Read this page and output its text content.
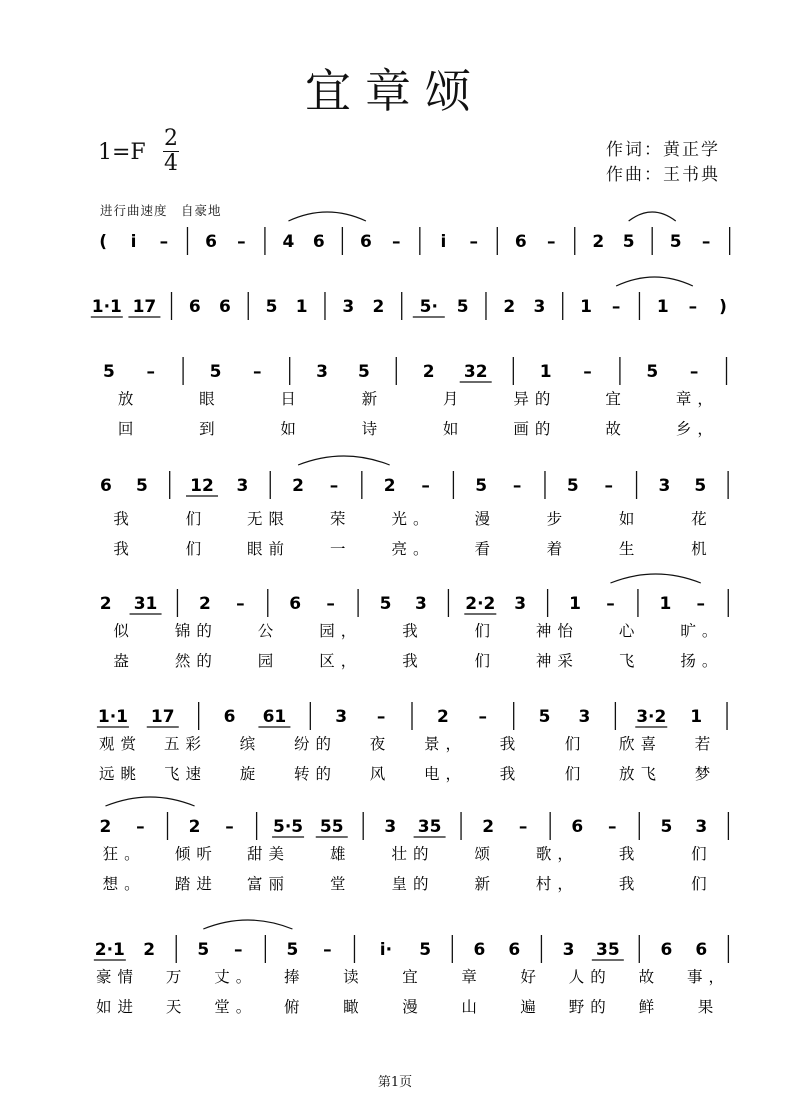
宜章颂
1=F
2
4
作词：黄正学
作曲：王书典
进行曲速度　自豪地
( i – 6 – 4 6 6 – i – 6 – 2 5 5 –
1·1 17 6 6 5 1 3 2 5· 5 2 3 1 – 1 – )
5 –	5 –	3 5	2 32	1 –	5 –
放	眼	日	新	月	异的	宜	章，
回	到	如	诗	如	画的	故	乡，
6 5 12 3	2 –	2 –	5 –	5 –	3 5
我	们	无限	荣	光。	漫	步	如	花
我	们	眼前	一	亮。	看	着	生	机
2 31 2 –	6 –	5 3 2·2 3	1 –	1 –
似	锦的	公	园，	我	们	神怡	心	旷。
盎	然的	园	区，	我	们	神采	飞	扬。
1·1 17	6 61	3 –	2 –	5 3	3·2 1
观赏 五彩 缤 纷的 夜 景， 我	们 欣喜 若
远眺 飞速 旋 转的 风 电， 我	们 放飞 梦
2 –	2 – 5·5 55 3 35 2 –	6 –	5 3
狂。 倾听 甜美	雄	壮的	颂	歌，	我	们
想。 踏进 富丽	堂	皇的	新	村，	我	们
2·1 2 5 –	5 –	i· 5 6 6 3 35 6 6
豪情 万 丈。 捧 读 宜 章 好 人的 故 事，
如进 天 堂。 俯 瞰 漫 山 遍 野的 鲜 果
第1页
